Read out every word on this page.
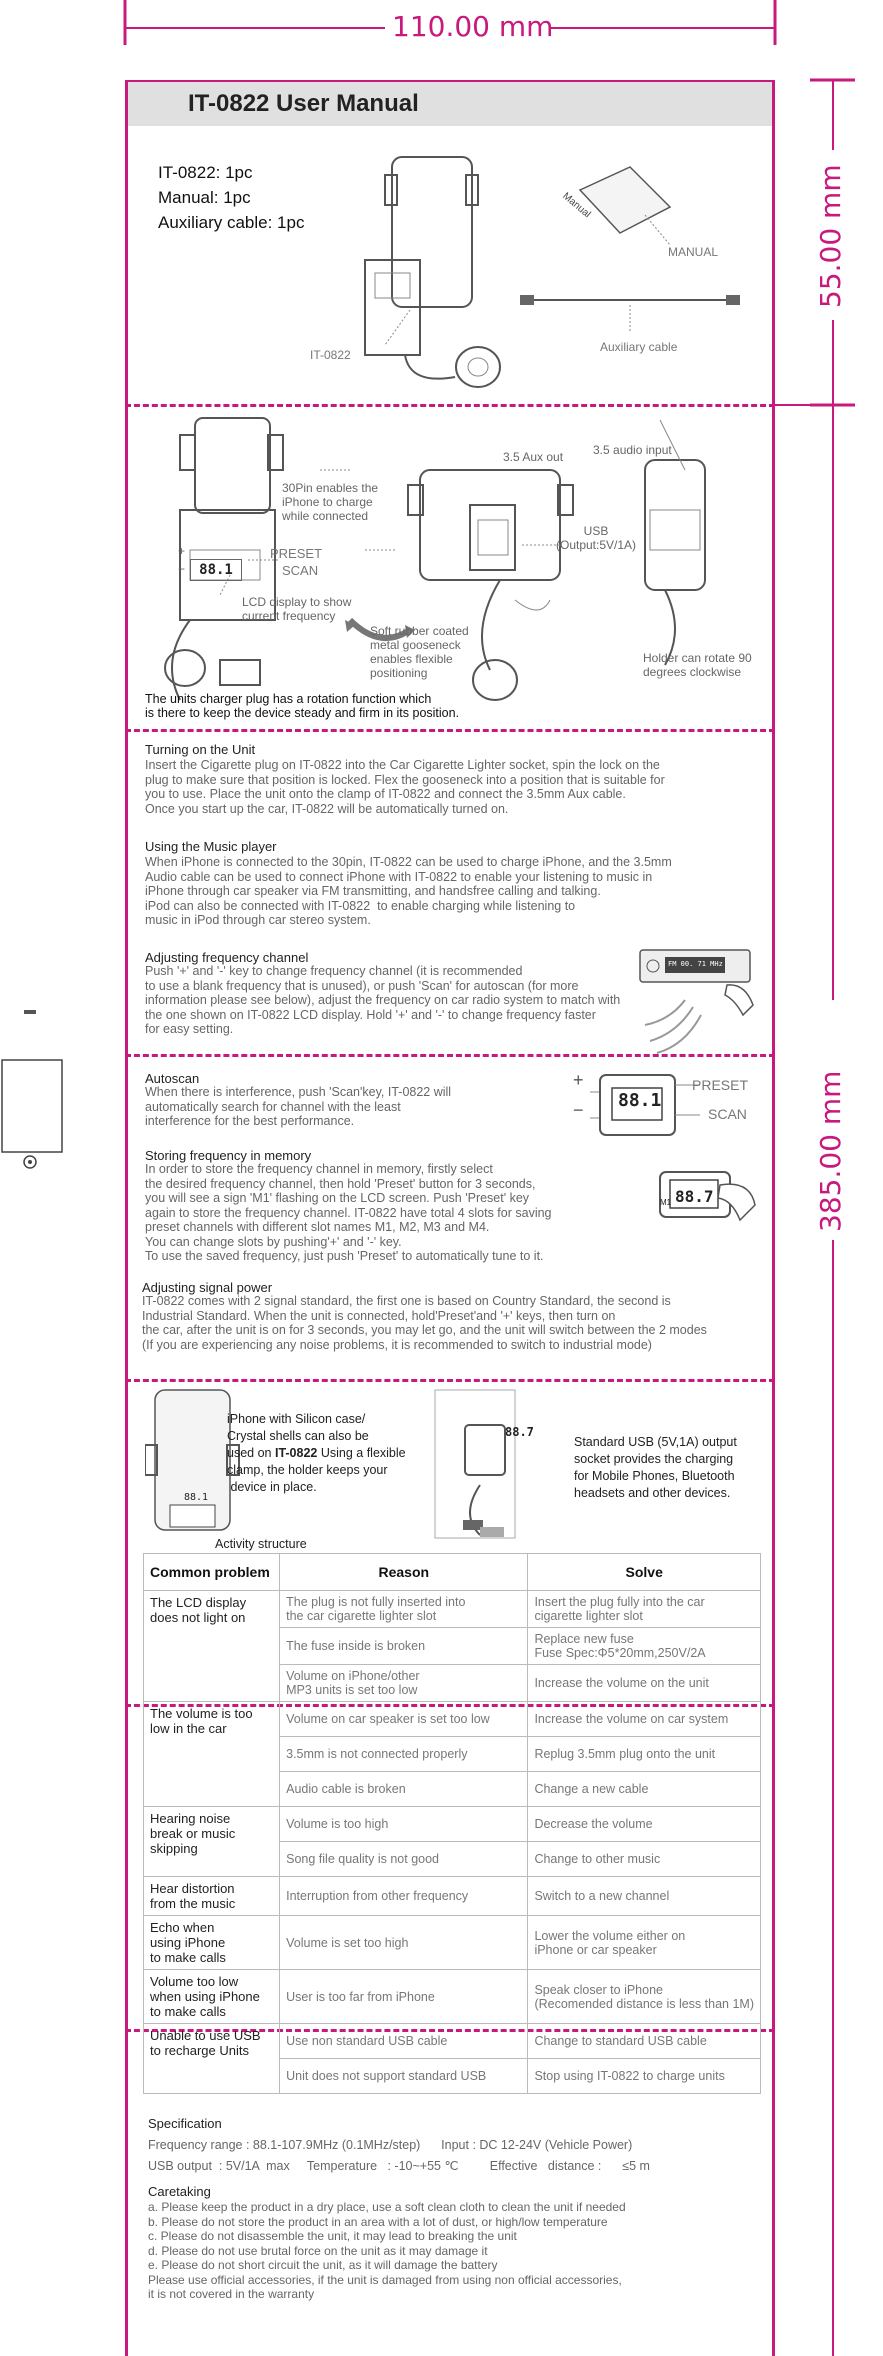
110.00 mm
55.00 mm
385.00 mm
IT-0822 User Manual
IT-0822: 1pc
Manual: 1pc
Auxiliary cable: 1pc
Manual
IT-0822
MANUAL
Auxiliary cable
30Pin enables the
iPhone to charge
while connected
88.1
+
−
PRESET
SCAN
LCD display to show
current frequency
3.5 Aux out 3.5 audio input
USB
(Output:5V/1A)
Soft rubber coated
metal gooseneck
enables flexible
positioning
Holder can rotate 90
degrees clockwise
The units charger plug has a rotation function which
is there to keep the device steady and firm in its position.
Turning on the Unit
Insert the Cigarette plug on IT-0822 into the Car Cigarette Lighter socket, spin the lock on the
plug to make sure that position is locked. Flex the gooseneck into a position that is suitable for
you to use. Place the unit onto the clamp of IT-0822 and connect the 3.5mm Aux cable.
Once you start up the car, IT-0822 will be automatically turned on.
Using the Music player
When iPhone is connected to the 30pin, IT-0822 can be used to charge iPhone, and the 3.5mm
Audio cable can be used to connect iPhone with IT-0822 to enable your listening to music in
iPhone through car speaker via FM transmitting, and handsfree calling and talking.
iPod can also be connected with IT-0822  to enable charging while listening to
music in iPod through car stereo system.
Adjusting frequency channel
Push '+' and '-' key to change frequency channel (it is recommended
to use a blank frequency that is unused), or push 'Scan' for autoscan (for more
information please see below), adjust the frequency on car radio system to match with
the one shown on IT-0822 LCD display. Hold '+' and '-' to change frequency faster
for easy setting.
FM 00. 71 MHz
Autoscan
When there is interference, push 'Scan'key, IT-0822 will
automatically search for channel with the least
interference for the best performance.
+
− 88.1
PRESET
SCAN
88.7
M1
Storing frequency in memory
In order to store the frequency channel in memory, firstly select
the desired frequency channel, then hold 'Preset' button for 3 seconds,
you will see a sign 'M1' flashing on the LCD screen. Push 'Preset' key
again to store the frequency channel. IT-0822 have total 4 slots for saving
preset channels with different slot names M1, M2, M3 and M4.
You can change slots by pushing'+' and '-' key.
To use the saved frequency, just push 'Preset' to automatically tune to it.
Adjusting signal power
IT-0822 comes with 2 signal standard, the first one is based on Country Standard, the second is
Industrial Standard. When the unit is connected, hold'Preset'and '+' keys, then turn on
the car, after the unit is on for 3 seconds, you may let go, and the unit will switch between the 2 modes
(If you are experiencing any noise problems, it is recommended to switch to industrial mode)
iPhone with Silicon case/
Crystal shells can also be
used on IT-0822 Using a flexible
clamp, the holder keeps your
device in place.
88.1
Activity structure
88.7
Standard USB (5V,1A) output
socket provides the charging
for Mobile Phones, Bluetooth
headsets and other devices.
Common problem	Reason	Solve
The LCD display
does not light on	The plug is not fully inserted into
the car cigarette lighter slot	Insert the plug fully into the car
cigarette lighter slot
	The fuse inside is broken	Replace new fuse
Fuse Spec:Φ5*20mm,250V/2A
	Volume on iPhone/other
MP3 units is set too low	Increase the volume on the unit
The volume is too
low in the car	Volume on car speaker is set too low	Increase the volume on car system
	3.5mm is not connected properly	Replug 3.5mm plug onto the unit
	Audio cable is broken	Change a new cable
Hearing noise
break or music
skipping	Volume is too high	Decrease the volume
	Song file quality is not good	Change to other music
Hear distortion
from the music	Interruption from other frequency	Switch to a new channel
Echo when
using iPhone
to make calls	Volume is set too high	Lower the volume either on
iPhone or car speaker
Volume too low
when using iPhone
to make calls	User is too far from iPhone	Speak closer to iPhone
(Recomended distance is less than 1M)
Unable to use USB
to recharge Units	Use non standard USB cable	Change to standard USB cable
	Unit does not support standard USB	Stop using IT-0822 to charge units
Specification
Frequency range : 88.1-107.9MHz (0.1MHz/step)      Input : DC 12-24V (Vehicle Power)
USB output  : 5V/1A  max     Temperature   : -10~+55 ℃         Effective   distance :      ≤5 m
Caretaking
a. Please keep the product in a dry place, use a soft clean cloth to clean the unit if needed
b. Please do not store the product in an area with a lot of dust, or high/low temperature
c. Please do not disassemble the unit, it may lead to breaking the unit
d. Please do not use brutal force on the unit as it may damage it
e. Please do not short circuit the unit, as it will damage the battery
Please use official accessories, if the unit is damaged from using non official accessories,
it is not covered in the warranty
